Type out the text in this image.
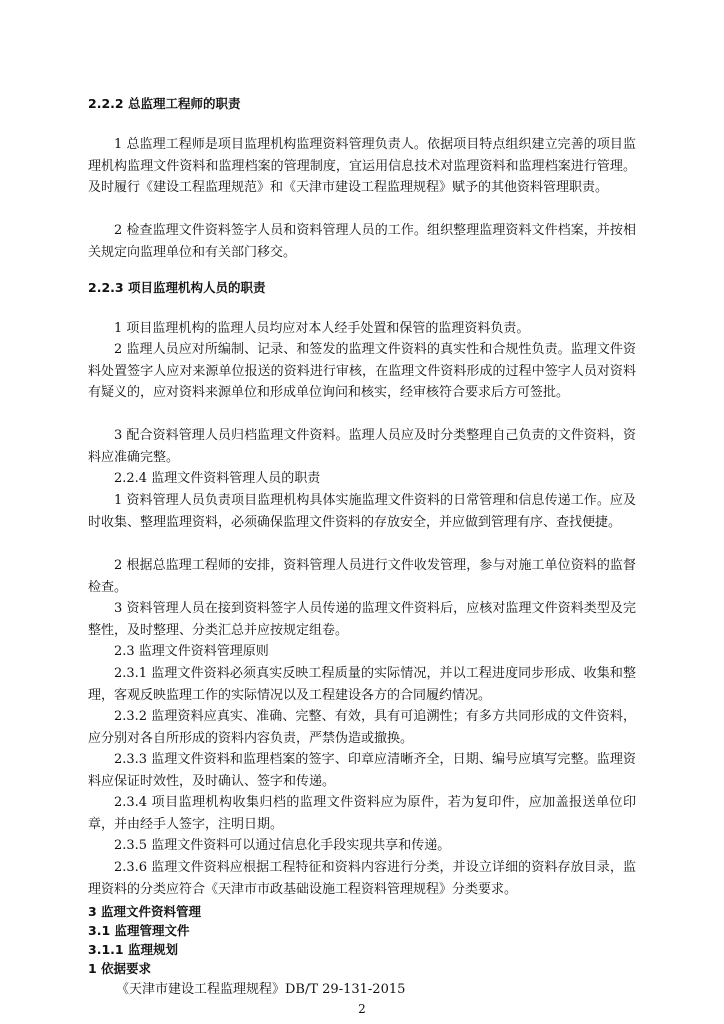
2.2.2 总监理工程师的职责

1 总监理工程师是项目监理机构监理资料管理负责人。依据项目特点组织建立完善的项目监理机构监理文件资料和监理档案的管理制度，宜运用信息技术对监理资料和监理档案进行管理。及时履行《建设工程监理规范》和《天津市建设工程监理规程》赋予的其他资料管理职责。

2 检查监理文件资料签字人员和资料管理人员的工作。组织整理监理资料文件档案，并按相关规定向监理单位和有关部门移交。

2.2.3 项目监理机构人员的职责

1 项目监理机构的监理人员均应对本人经手处置和保管的监理资料负责。

2 监理人员应对所编制、记录、和签发的监理文件资料的真实性和合规性负责。监理文件资料处置签字人应对来源单位报送的资料进行审核，在监理文件资料形成的过程中签字人员对资料有疑义的，应对资料来源单位和形成单位询问和核实，经审核符合要求后方可签批。

3 配合资料管理人员归档监理文件资料。监理人员应及时分类整理自己负责的文件资料，资料应准确完整。

2.2.4 监理文件资料管理人员的职责

1 资料管理人员负责项目监理机构具体实施监理文件资料的日常管理和信息传递工作。应及时收集、整理监理资料，必须确保监理文件资料的存放安全，并应做到管理有序、查找便捷。

2 根据总监理工程师的安排，资料管理人员进行文件收发管理，参与对施工单位资料的监督检查。

3 资料管理人员在接到资料签字人员传递的监理文件资料后，应核对监理文件资料类型及完整性，及时整理、分类汇总并应按规定组卷。

2.3 监理文件资料管理原则

2.3.1 监理文件资料必须真实反映工程质量的实际情况，并以工程进度同步形成、收集和整理，客观反映监理工作的实际情况以及工程建设各方的合同履约情况。

2.3.2 监理资料应真实、准确、完整、有效，具有可追溯性；有多方共同形成的文件资料，应分别对各自所形成的资料内容负责，严禁伪造或撤换。

2.3.3 监理文件资料和监理档案的签字、印章应清晰齐全，日期、编号应填写完整。监理资料应保证时效性，及时确认、签字和传递。

2.3.4 项目监理机构收集归档的监理文件资料应为原件，若为复印件，应加盖报送单位印章，并由经手人签字，注明日期。

2.3.5 监理文件资料可以通过信息化手段实现共享和传递。

2.3.6 监理文件资料应根据工程特征和资料内容进行分类，并设立详细的资料存放目录，监理资料的分类应符合《天津市市政基础设施工程资料管理规程》分类要求。

3 监理文件资料管理
3.1 监理管理文件
3.1.1 监理规划
1 依据要求
《天津市建设工程监理规程》DB/T 29-131-2015
2
